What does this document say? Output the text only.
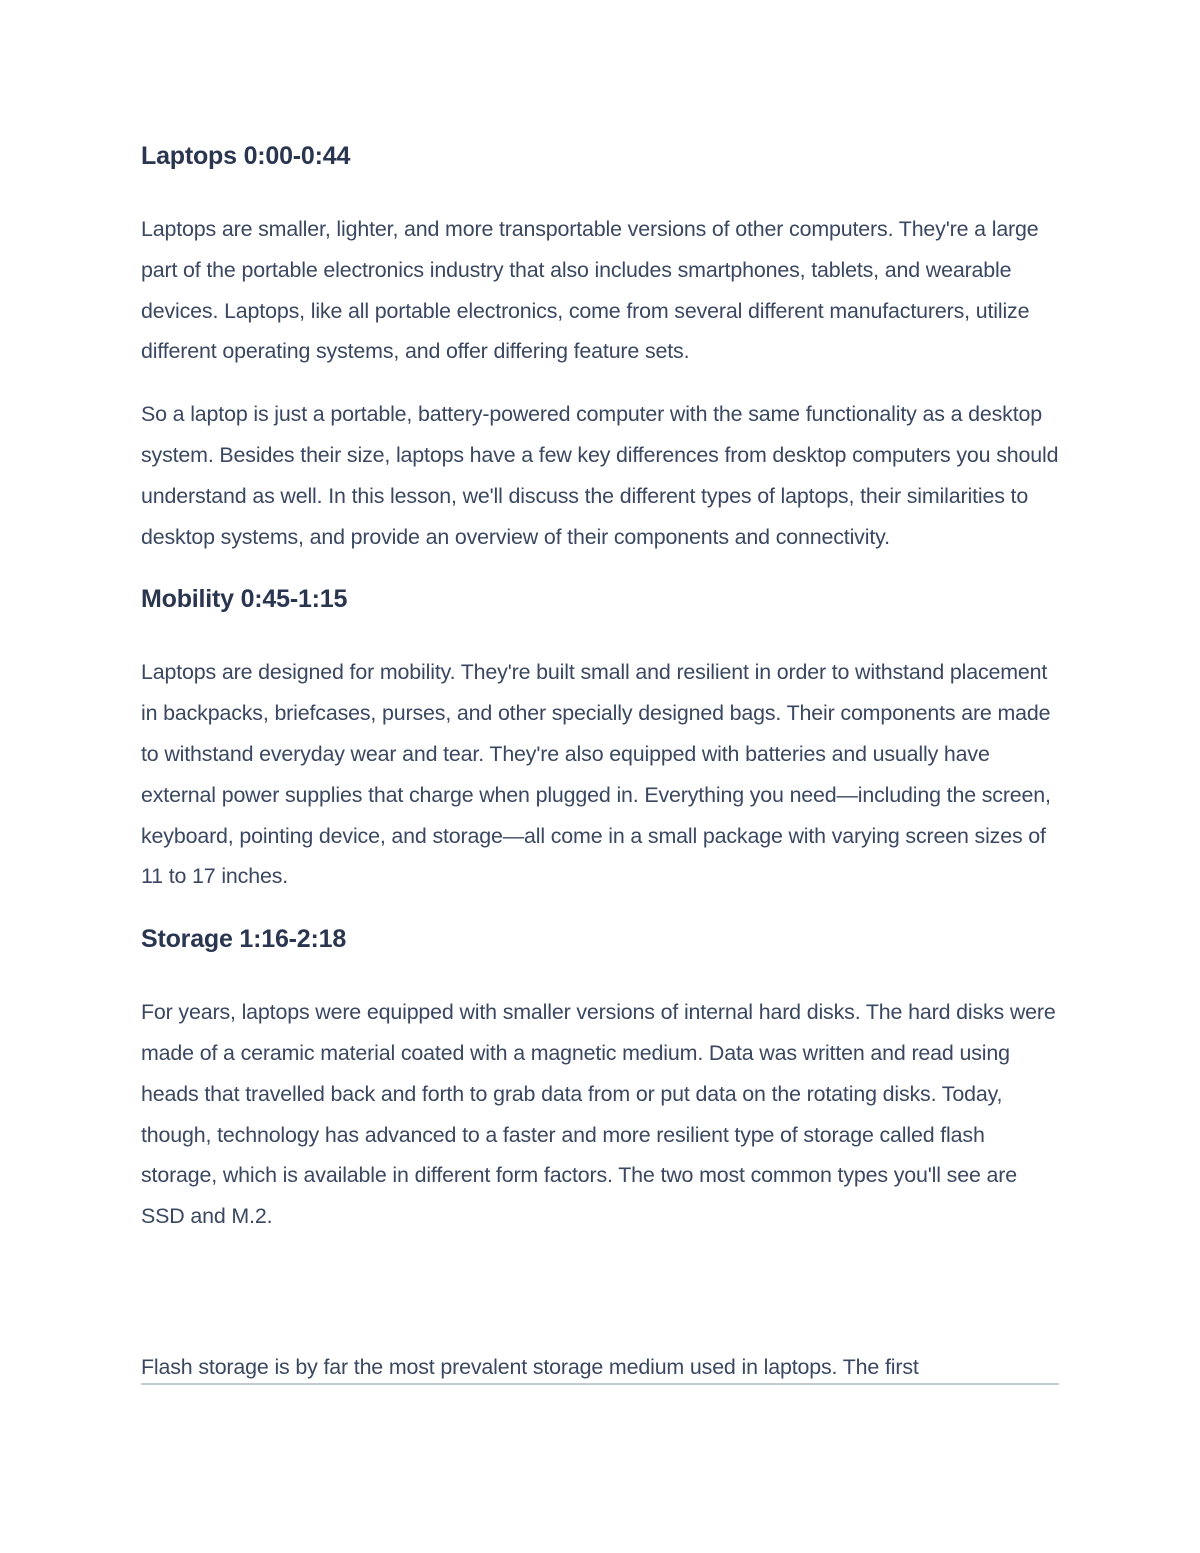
Laptops 0:00-0:44

Laptops are smaller, lighter, and more transportable versions of other computers. They're a large part of the portable electronics industry that also includes smartphones, tablets, and wearable devices. Laptops, like all portable electronics, come from several different manufacturers, utilize different operating systems, and offer differing feature sets.

So a laptop is just a portable, battery-powered computer with the same functionality as a desktop system. Besides their size, laptops have a few key differences from desktop computers you should understand as well. In this lesson, we'll discuss the different types of laptops, their similarities to desktop systems, and provide an overview of their components and connectivity.

Mobility 0:45-1:15

Laptops are designed for mobility. They're built small and resilient in order to withstand placement in backpacks, briefcases, purses, and other specially designed bags. Their components are made to withstand everyday wear and tear. They're also equipped with batteries and usually have external power supplies that charge when plugged in. Everything you need—including the screen, keyboard, pointing device, and storage—all come in a small package with varying screen sizes of 11 to 17 inches.

Storage 1:16-2:18

For years, laptops were equipped with smaller versions of internal hard disks. The hard disks were made of a ceramic material coated with a magnetic medium. Data was written and read using heads that travelled back and forth to grab data from or put data on the rotating disks. Today, though, technology has advanced to a faster and more resilient type of storage called flash storage, which is available in different form factors. The two most common types you'll see are SSD and M.2.

Flash storage is by far the most prevalent storage medium used in laptops. The first
